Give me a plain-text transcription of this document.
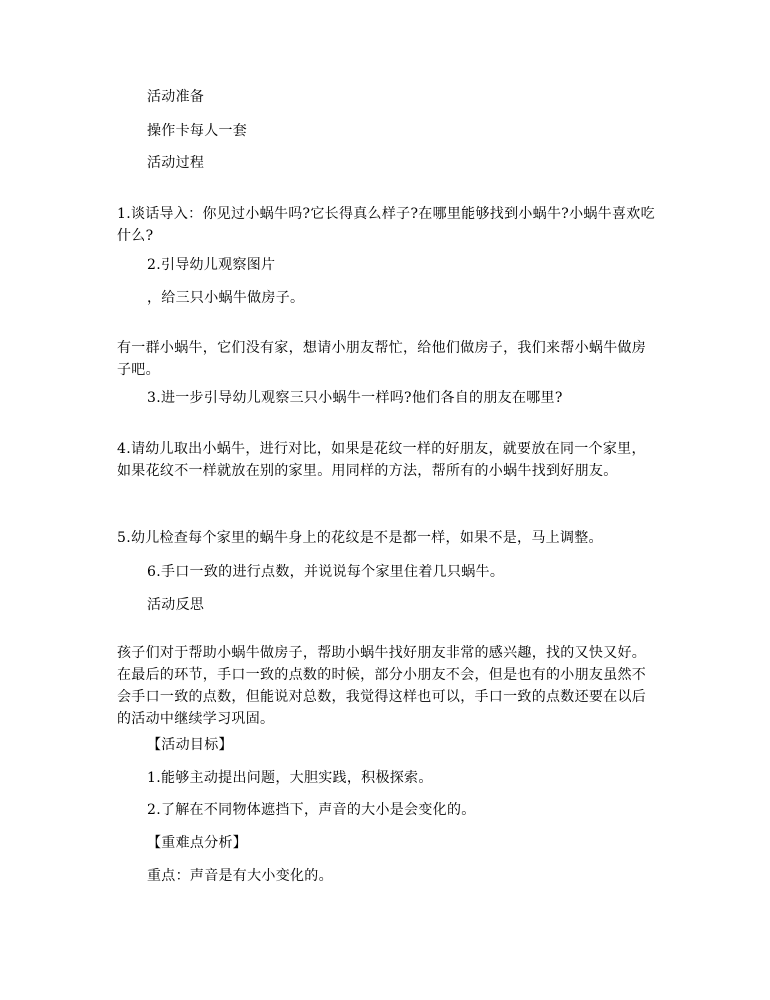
活动准备

操作卡每人一套

活动过程

1.谈话导入：你见过小蜗牛吗?它长得真么样子?在哪里能够找到小蜗牛?小蜗牛喜欢吃什么?

2.引导幼儿观察图片

，给三只小蜗牛做房子。

有一群小蜗牛，它们没有家，想请小朋友帮忙，给他们做房子，我们来帮小蜗牛做房子吧。

3.进一步引导幼儿观察三只小蜗牛一样吗?他们各自的朋友在哪里?

4.请幼儿取出小蜗牛，进行对比，如果是花纹一样的好朋友，就要放在同一个家里，如果花纹不一样就放在别的家里。用同样的方法，帮所有的小蜗牛找到好朋友。

5.幼儿检查每个家里的蜗牛身上的花纹是不是都一样，如果不是，马上调整。

6.手口一致的进行点数，并说说每个家里住着几只蜗牛。

活动反思

孩子们对于帮助小蜗牛做房子，帮助小蜗牛找好朋友非常的感兴趣，找的又快又好。在最后的环节，手口一致的点数的时候，部分小朋友不会，但是也有的小朋友虽然不会手口一致的点数，但能说对总数，我觉得这样也可以，手口一致的点数还要在以后的活动中继续学习巩固。

【活动目标】

1.能够主动提出问题，大胆实践，积极探索。

2.了解在不同物体遮挡下，声音的大小是会变化的。

【重难点分析】

重点：声音是有大小变化的。
